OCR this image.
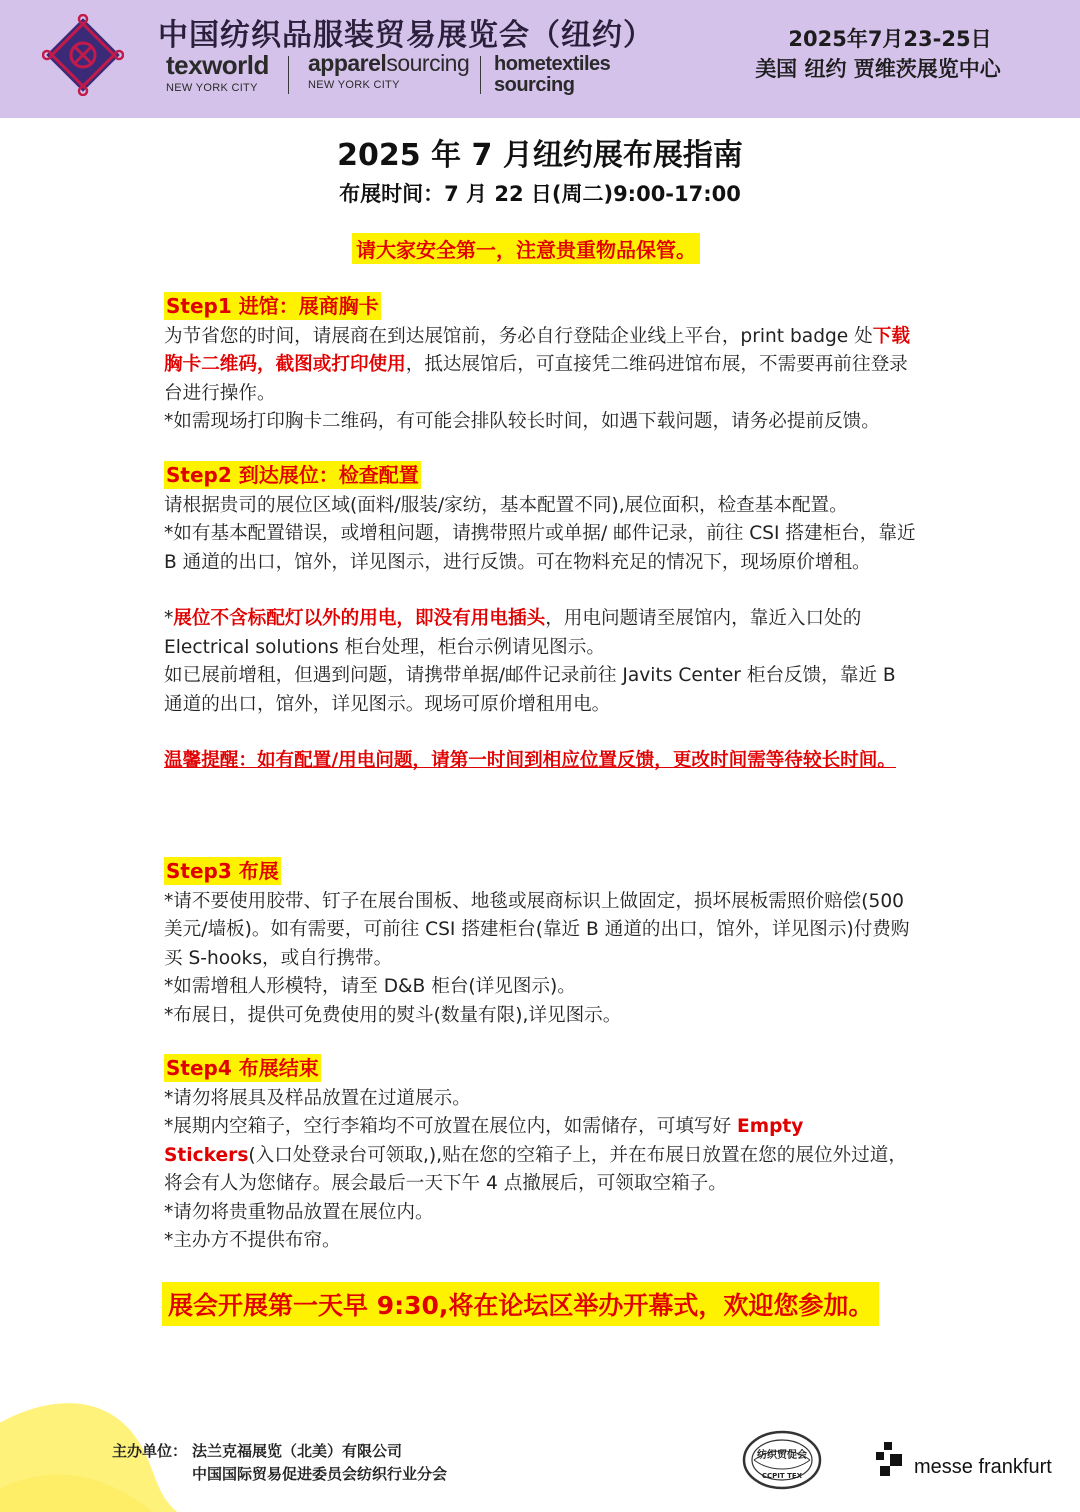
中国纺织品服装贸易展览会（纽约）
texworld
NEW YORK CITY
apparelsourcing
NEW YORK CITY
hometextiles
sourcing
2025年7月23-25日
美国 纽约 贾维茨展览中心
2025 年 7 月纽约展布展指南
布展时间：7 月 22 日(周二)9:00-17:00
请大家安全第一，注意贵重物品保管。
Step1 进馆：展商胸卡
为节省您的时间，请展商在到达展馆前，务必自行登陆企业线上平台，print badge 处下载胸卡二维码，截图或打印使用，抵达展馆后，可直接凭二维码进馆布展，不需要再前往登录台进行操作。
*如需现场打印胸卡二维码，有可能会排队较长时间，如遇下载问题，请务必提前反馈。
Step2 到达展位：检查配置
请根据贵司的展位区域(面料/服装/家纺，基本配置不同),展位面积，检查基本配置。
*如有基本配置错误，或增租问题，请携带照片或单据/ 邮件记录，前往 CSI 搭建柜台，靠近 B 通道的出口，馆外，详见图示，进行反馈。可在物料充足的情况下，现场原价增租。
*展位不含标配灯以外的用电，即没有用电插头，用电问题请至展馆内，靠近入口处的 Electrical solutions 柜台处理，柜台示例请见图示。
如已展前增租，但遇到问题，请携带单据/邮件记录前往 Javits Center 柜台反馈，靠近 B 通道的出口，馆外，详见图示。现场可原价增租用电。
温馨提醒：如有配置/用电问题，请第一时间到相应位置反馈，更改时间需等待较长时间。
Step3 布展
*请不要使用胶带、钉子在展台围板、地毯或展商标识上做固定，损坏展板需照价赔偿(500 美元/墙板)。如有需要，可前往 CSI 搭建柜台(靠近 B 通道的出口，馆外，详见图示)付费购买 S-hooks，或自行携带。
*如需增租人形模特，请至 D&B 柜台(详见图示)。
*布展日，提供可免费使用的熨斗(数量有限),详见图示。
Step4 布展结束
*请勿将展具及样品放置在过道展示。
*展期内空箱子，空行李箱均不可放置在展位内，如需储存，可填写好 Empty Stickers(入口处登录台可领取,),贴在您的空箱子上，并在布展日放置在您的展位外过道，将会有人为您储存。展会最后一天下午 4 点撤展后，可领取空箱子。
*请勿将贵重物品放置在展位内。
*主办方不提供布帘。
展会开展第一天早 9:30,将在论坛区举办开幕式，欢迎您参加。
主办单位： 法兰克福展览（北美）有限公司
中国国际贸易促进委员会纺织行业分会
纺织贸促会
CCPIT TEX	messe frankfurt
